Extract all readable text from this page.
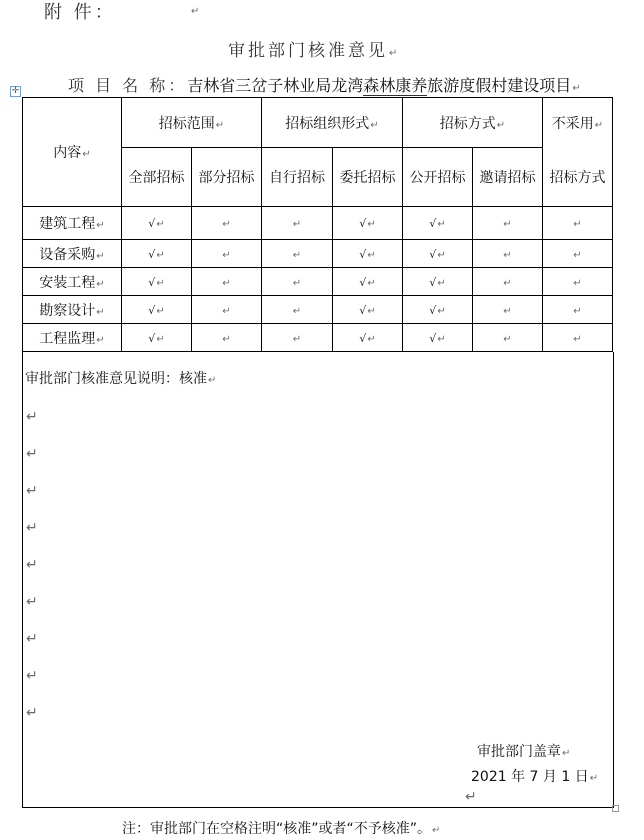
附 件：	↵
审批部门核准意见↵
项 目 名 称：吉林省三岔子林业局龙湾森林康养旅游度假村建设项目↵
✛
内容↵	招标范围↵		招标组织形式↵		招标方式↵		不采用↵
	全部招标	部分招标	自行招标	委托招标	公开招标	邀请招标	招标方式
建筑工程↵	√↵	↵	↵	√↵	√↵	↵	↵
设备采购↵	√↵	↵	↵	√↵	√↵	↵	↵
安装工程↵	√↵	↵	↵	√↵	√↵	↵	↵
勘察设计↵	√↵	↵	↵	√↵	√↵	↵	↵
工程监理↵	√↵	↵	↵	√↵	√↵	↵	↵
审批部门核准意见说明：核准↵
↵
↵
↵
↵
↵
↵
↵
↵
↵
审批部门盖章↵
2021 年 7 月 1 日↵
↵
注：审批部门在空格注明“核准”或者“不予核准”。↵
